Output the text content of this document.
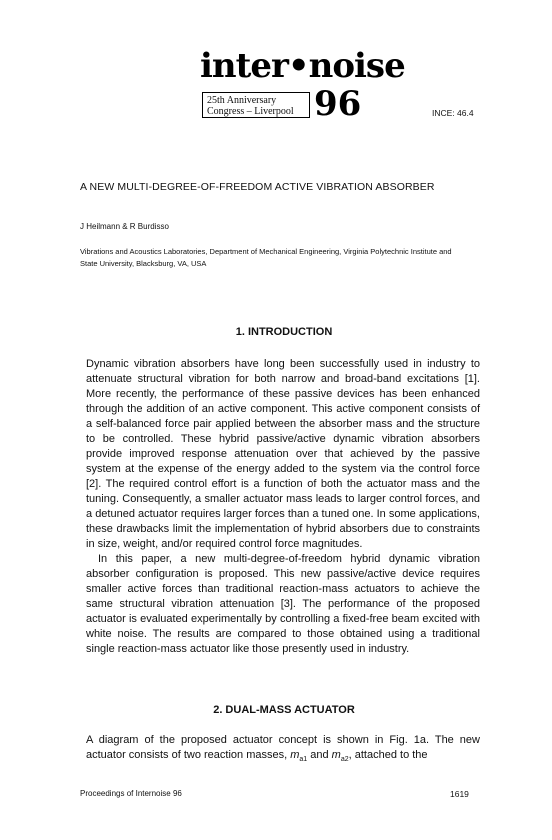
inter•noise
25th Anniversary
Congress – Liverpool 96	INCE: 46.4
A NEW MULTI-DEGREE-OF-FREEDOM ACTIVE VIBRATION ABSORBER
J Heilmann & R Burdisso
Vibrations and Acoustics Laboratories, Department of Mechanical Engineering, Virginia Polytechnic Institute and State University, Blacksburg, VA, USA
1. INTRODUCTION

Dynamic vibration absorbers have long been successfully used in industry to attenuate structural vibration for both narrow and broad-band excitations [1]. More recently, the performance of these passive devices has been enhanced through the addition of an active component. This active component consists of a self-balanced force pair applied between the absorber mass and the structure to be controlled. These hybrid passive/active dynamic vibration absorbers provide improved response attenuation over that achieved by the passive system at the expense of the energy added to the system via the control force [2]. The required control effort is a function of both the actuator mass and the tuning. Consequently, a smaller actuator mass leads to larger control forces, and a detuned actuator requires larger forces than a tuned one. In some applications, these drawbacks limit the implementation of hybrid absorbers due to constraints in size, weight, and/or required control force magnitudes.

In this paper, a new multi-degree-of-freedom hybrid dynamic vibration absorber configuration is proposed. This new passive/active device requires smaller active forces than traditional reaction-mass actuators to achieve the same structural vibration attenuation [3]. The performance of the proposed actuator is evaluated experimentally by controlling a fixed-free beam excited with white noise. The results are compared to those obtained using a traditional single reaction-mass actuator like those presently used in industry.

2. DUAL-MASS ACTUATOR

A diagram of the proposed actuator concept is shown in Fig. 1a. The new actuator consists of two reaction masses, $m_{a1}$ and $m_{a2}$, attached to the

Proceedings of Internoise 96	1619
